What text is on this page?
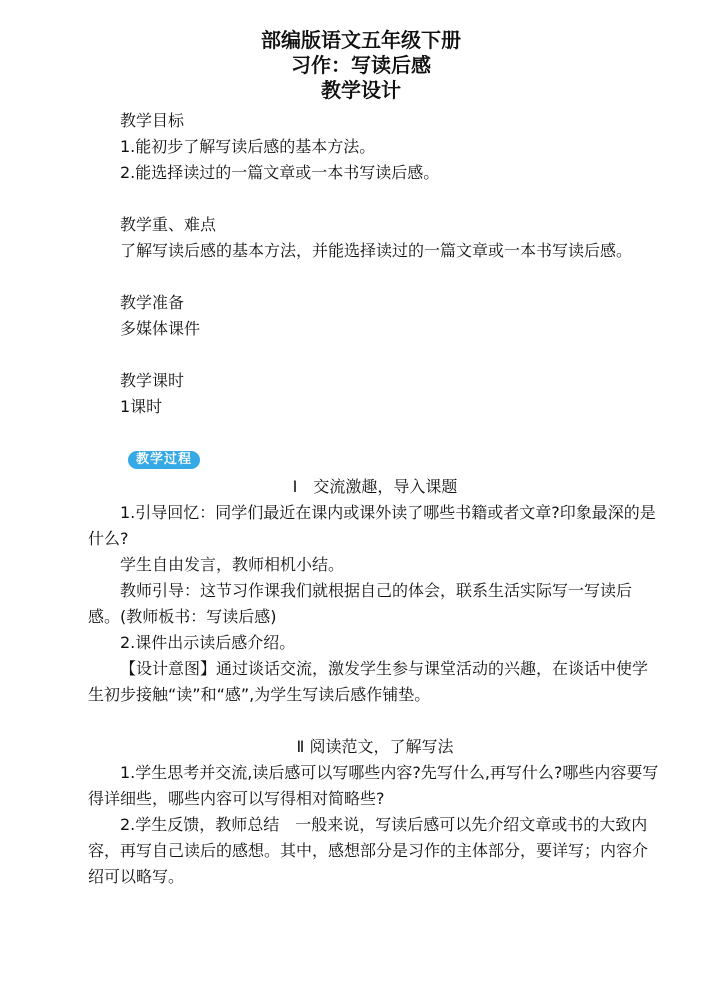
部编版语文五年级下册
习作：写读后感
教学设计

教学目标

1.能初步了解写读后感的基本方法。

2.能选择读过的一篇文章或一本书写读后感。

教学重、难点

了解写读后感的基本方法，并能选择读过的一篇文章或一本书写读后感。

教学准备

多媒体课件

教学课时

1课时

教学过程

Ⅰ　交流激趣，导入课题

1.引导回忆：同学们最近在课内或课外读了哪些书籍或者文章?印象最深的是什么?

学生自由发言，教师相机小结。

教师引导：这节习作课我们就根据自己的体会，联系生活实际写一写读后感。(教师板书：写读后感)

2.课件出示读后感介绍。

【设计意图】通过谈话交流，激发学生参与课堂活动的兴趣，在谈话中使学生初步接触“读”和“感”,为学生写读后感作铺垫。

Ⅱ 阅读范文，了解写法

1.学生思考并交流,读后感可以写哪些内容?先写什么,再写什么?哪些内容要写得详细些，哪些内容可以写得相对简略些?

2.学生反馈，教师总结　一般来说，写读后感可以先介绍文章或书的大致内容，再写自己读后的感想。其中，感想部分是习作的主体部分，要详写；内容介绍可以略写。
